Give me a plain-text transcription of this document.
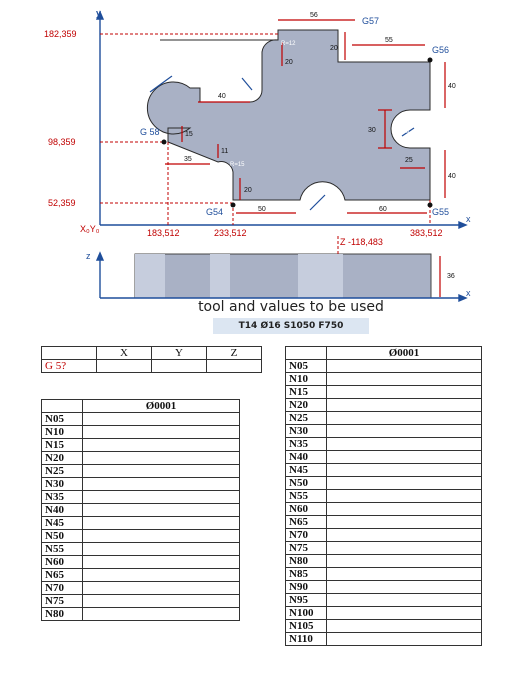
y
x
x
z
X₀Y₀
182,359
98,359
52,359
183,512	233,512	383,512
G57
G56
G 58
G54	G55
56
55
20
20
40
40
30
25
15
11
35
20
50	60
40
36
R=12
R=12
R=25
R=15
R=20
R=8
Z -118,483
tool and values to be used
T14 Ø16 S1050 F750
	X	Y	Z
G 5?			
	Ø0001
N05	
N10	
N15	
N20	
N25	
N30	
N35	
N40	
N45	
N50	
N55	
N60	
N65	
N70	
N75	
N80	
	Ø0001
N05	
N10	
N15	
N20	
N25	
N30	
N35	
N40	
N45	
N50	
N55	
N60	
N65	
N70	
N75	
N80	
N85	
N90	
N95	
N100	
N105	
N110	
